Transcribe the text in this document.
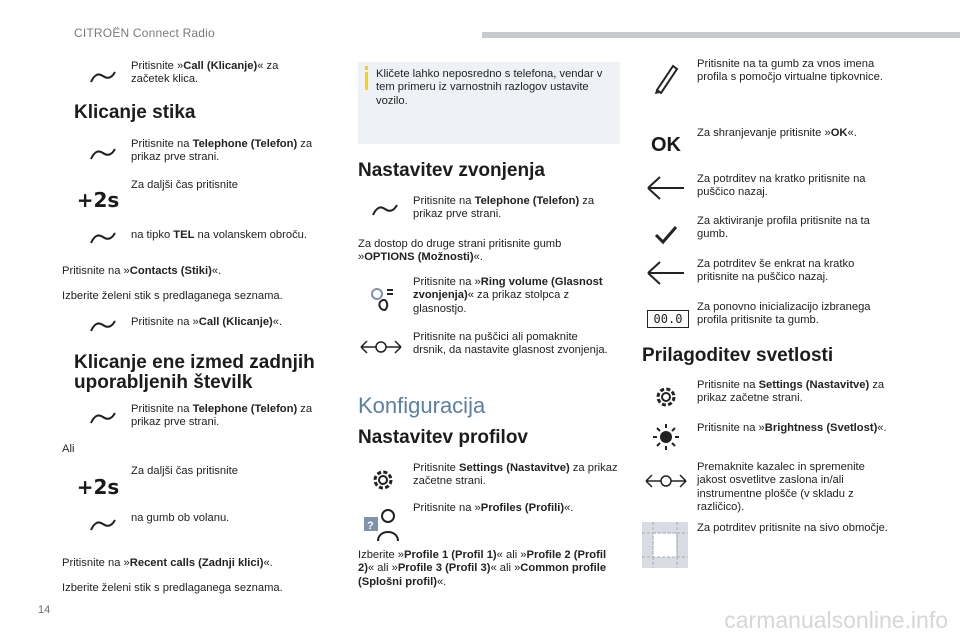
CITROËN Connect Radio
Pritisnite »Call (Klicanje)« za začetek klica.
Klicanje stika
Pritisnite na Telephone (Telefon) za prikaz prve strani.
Za daljši čas pritisnite
+2s
na tipko TEL na volanskem obroču.
Pritisnite na »Contacts (Stiki)«.
Izberite želeni stik s predlaganega seznama.
Pritisnite na »Call (Klicanje)«.
Klicanje ene izmed zadnjih
uporabljenih številk
Pritisnite na Telephone (Telefon) za prikaz prve strani.
Ali
Za daljši čas pritisnite
+2s
na gumb ob volanu.
Pritisnite na »Recent calls (Zadnji klici)«.
Izberite želeni stik s predlaganega seznama.
Kličete lahko neposredno s telefona, vendar v tem primeru iz varnostnih razlogov ustavite vozilo.
Nastavitev zvonjenja
Pritisnite na Telephone (Telefon) za prikaz prve strani.
Za dostop do druge strani pritisnite gumb »OPTIONS (Možnosti)«.
Pritisnite na »Ring volume (Glasnost zvonjenja)« za prikaz stolpca z glasnostjo.
Pritisnite na puščici ali pomaknite drsnik, da nastavite glasnost zvonjenja.
Konfiguracija
Nastavitev profilov
Pritisnite Settings (Nastavitve) za prikaz začetne strani.
?
Pritisnite na »Profiles (Profili)«.
Izberite »Profile 1 (Profil 1)« ali »Profile 2 (Profil 2)« ali »Profile 3 (Profil 3)« ali »Common profile (Splošni profil)«.
Pritisnite na ta gumb za vnos imena profila s pomočjo virtualne tipkovnice.
OK
Za shranjevanje pritisnite »OK«.
Za potrditev na kratko pritisnite na puščico nazaj.
Za aktiviranje profila pritisnite na ta gumb.
Za potrditev še enkrat na kratko pritisnite na puščico nazaj.
00.0
Za ponovno inicializacijo izbranega profila pritisnite ta gumb.
Prilagoditev svetlosti
Pritisnite na Settings (Nastavitve) za prikaz začetne strani.
Pritisnite na »Brightness (Svetlost)«.
Premaknite kazalec in spremenite jakost osvetlitve zaslona in/ali instrumentne plošče (v skladu z različico).
Za potrditev pritisnite na sivo območje.
14	carmanualsonline.info
